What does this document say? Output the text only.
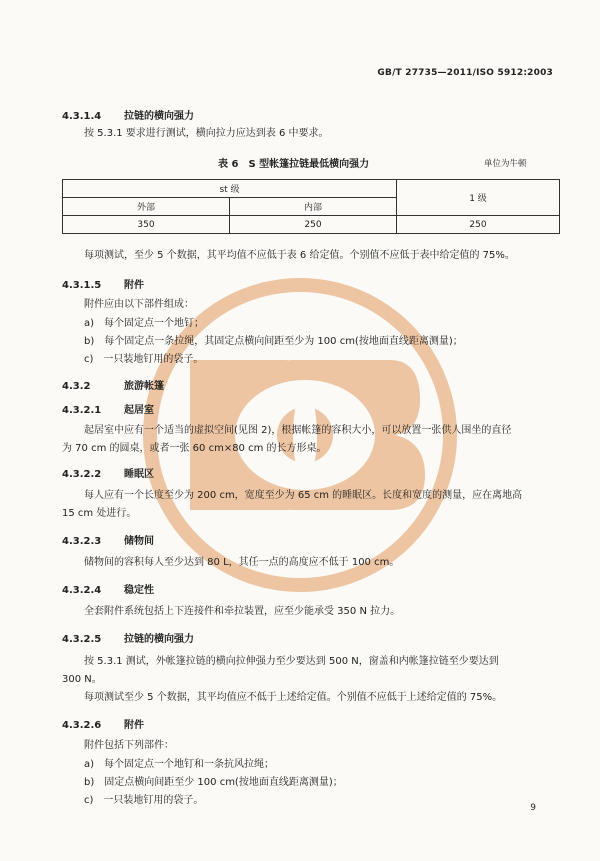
GB/T 27735—2011/ISO 5912:2003
4.3.1.4 拉链的横向强力
按 5.3.1 要求进行测试，横向拉力应达到表 6 中要求。
表 6　S 型帐篷拉链最低横向强力	单位为牛顿
st 级		1 级
外部	内部	
350	250	250
每项测试，至少 5 个数据，其平均值不应低于表 6 给定值。个别值不应低于表中给定值的 75%。
4.3.1.5 附件
附件应由以下部件组成：
a)　每个固定点一个地钉；
b)　每个固定点一条拉绳，其固定点横向间距至少为 100 cm(按地面直线距离测量)；
c)　一只装地钉用的袋子。
4.3.2	旅游帐篷
4.3.2.1 起居室
起居室中应有一个适当的虚拟空间(见图 2)，根据帐篷的容积大小，可以放置一张供人围坐的直径
为 70 cm 的圆桌，或者一张 60 cm×80 cm 的长方形桌。
4.3.2.2 睡眠区
每人应有一个长度至少为 200 cm，宽度至少为 65 cm 的睡眠区。长度和宽度的测量，应在离地高
15 cm 处进行。
4.3.2.3 储物间
储物间的容积每人至少达到 80 L，其任一点的高度应不低于 100 cm。
4.3.2.4 稳定性
全套附件系统包括上下连接件和牵拉装置，应至少能承受 350 N 拉力。
4.3.2.5 拉链的横向强力
按 5.3.1 测试，外帐篷拉链的横向拉伸强力至少要达到 500 N，窗盖和内帐篷拉链至少要达到
300 N。
每项测试至少 5 个数据，其平均值应不低于上述给定值。个别值不应低于上述给定值的 75%。
4.3.2.6 附件
附件包括下列部件：
a)　每个固定点一个地钉和一条抗风拉绳；
b)　固定点横向间距至少 100 cm(按地面直线距离测量)；
c)　一只装地钉用的袋子。
9
